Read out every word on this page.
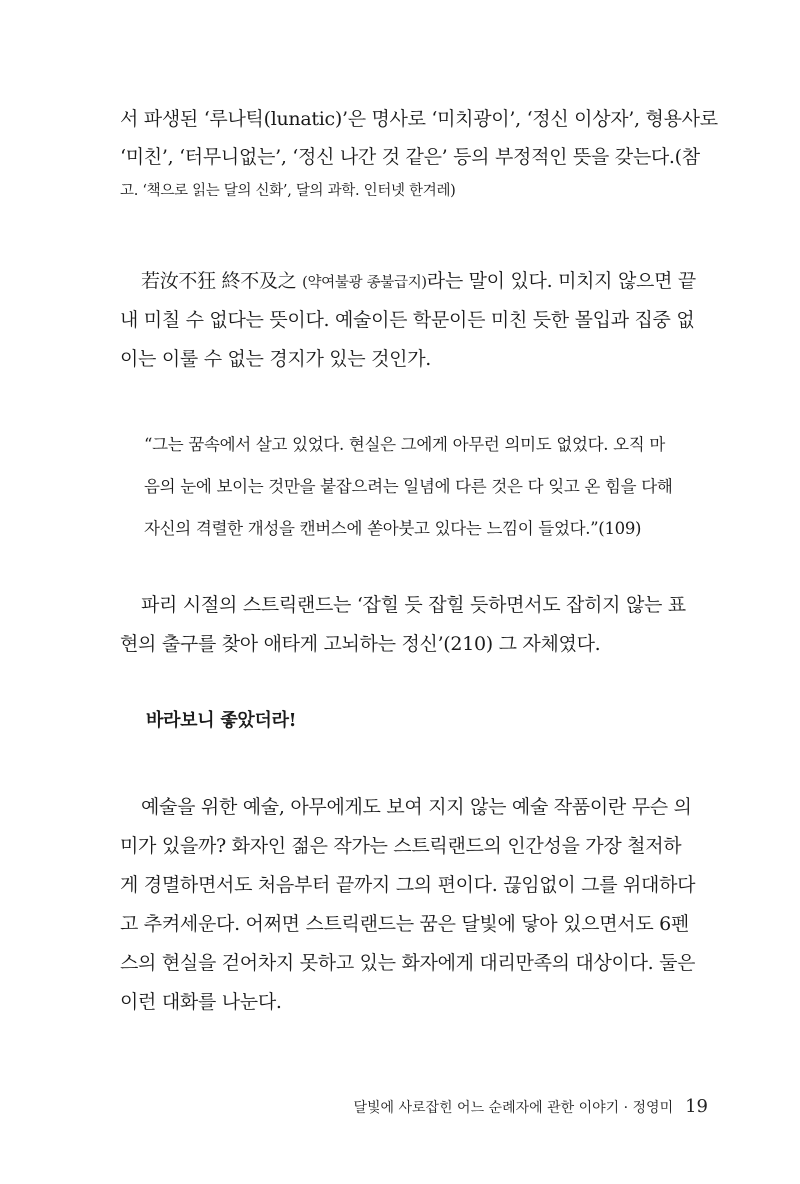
서 파생된 ‘루나틱(lunatic)’은 명사로 ‘미치광이’, ‘정신 이상자’, 형용사로
‘미친’, ‘터무니없는’, ‘정신 나간 것 같은’ 등의 부정적인 뜻을 갖는다.(참
고. ‘책으로 읽는 달의 신화’, 달의 과학. 인터넷 한겨레)
若汝不狂 終不及之 (약여불광 종불급지)라는 말이 있다. 미치지 않으면 끝
내 미칠 수 없다는 뜻이다. 예술이든 학문이든 미친 듯한 몰입과 집중 없
이는 이룰 수 없는 경지가 있는 것인가.
“그는 꿈속에서 살고 있었다. 현실은 그에게 아무런 의미도 없었다. 오직 마
음의 눈에 보이는 것만을 붙잡으려는 일념에 다른 것은 다 잊고 온 힘을 다해
자신의 격렬한 개성을 캔버스에 쏟아붓고 있다는 느낌이 들었다.”(109)
파리 시절의 스트릭랜드는 ‘잡힐 듯 잡힐 듯하면서도 잡히지 않는 표
현의 출구를 찾아 애타게 고뇌하는 정신’(210) 그 자체였다.
바라보니 좋았더라!
예술을 위한 예술, 아무에게도 보여 지지 않는 예술 작품이란 무슨 의
미가 있을까? 화자인 젊은 작가는 스트릭랜드의 인간성을 가장 철저하
게 경멸하면서도 처음부터 끝까지 그의 편이다. 끊임없이 그를 위대하다
고 추켜세운다. 어쩌면 스트릭랜드는 꿈은 달빛에 닿아 있으면서도 6펜
스의 현실을 걷어차지 못하고 있는 화자에게 대리만족의 대상이다. 둘은
이런 대화를 나눈다.
달빛에 사로잡힌 어느 순례자에 관한 이야기 · 정영미 19
